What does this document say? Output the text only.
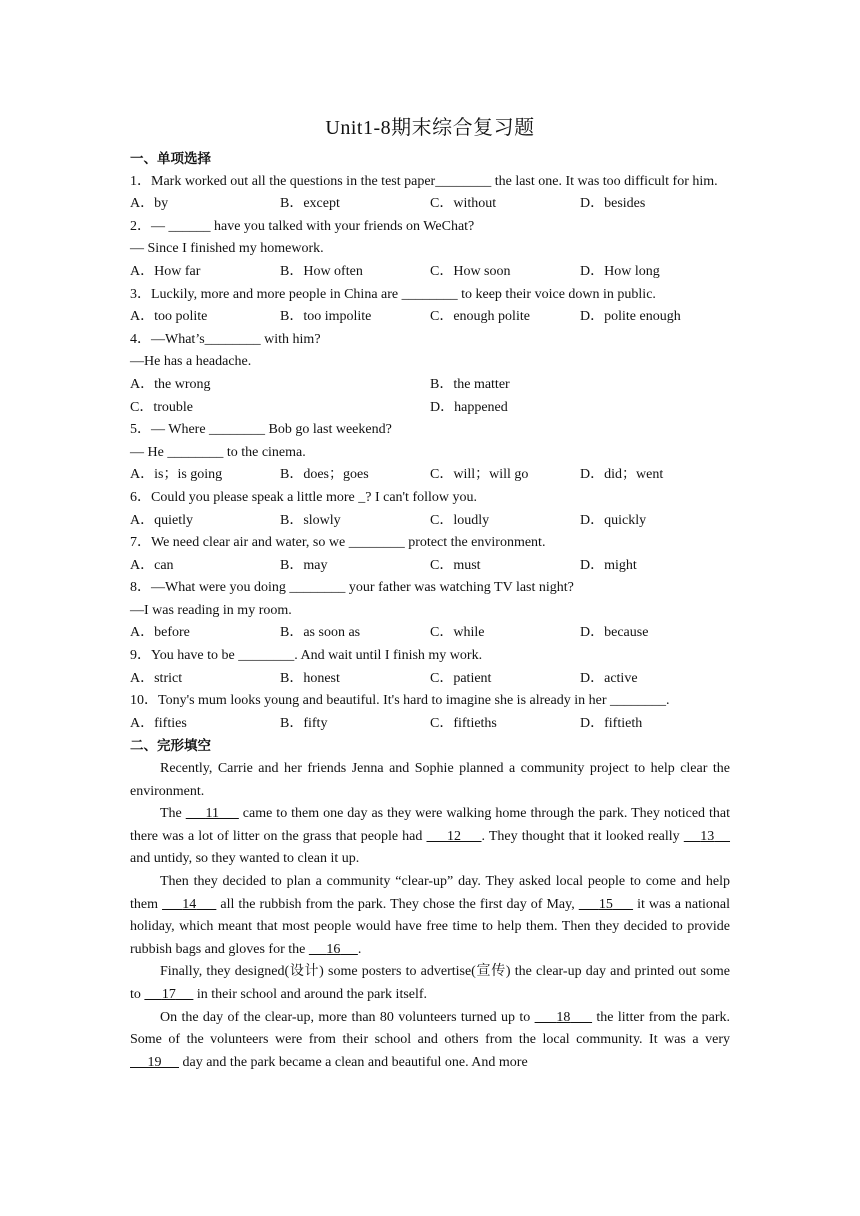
Unit1-8期末综合复习题
一、单项选择
1．Mark worked out all the questions in the test paper________ the last one. It was too difficult for him.
A．by	B．except	C．without	D．besides
2．— ______ have you talked with your friends on WeChat?
— Since I finished my homework.
A．How far	B．How often	C．How soon	D．How long
3．Luckily, more and more people in China are ________ to keep their voice down in public.
A．too polite	B．too impolite	C．enough polite	D．polite enough
4．—What’s________ with him?
—He has a headache.
A．the wrong	B．the matter
C．trouble	D．happened
5．— Where ________ Bob go last weekend?
— He ________ to the cinema.
A．is；is going	B．does；goes	C．will；will go	D．did；went
6．Could you please speak a little more _? I can't follow you.
A．quietly	B．slowly	C．loudly	D．quickly
7．We need clear air and water, so we ________ protect the environment.
A．can	B．may	C．must	D．might
8．—What were you doing ________ your father was watching TV last night?
—I was reading in my room.
A．before	B．as soon as	C．while	D．because
9．You have to be ________. And wait until I finish my work.
A．strict	B．honest	C．patient	D．active
10．Tony's mum looks young and beautiful. It's hard to imagine she is already in her ________.
A．fifties	B．fifty	C．fiftieths	D．fiftieth
二、完形填空
Recently, Carrie and her friends Jenna and Sophie planned a community project to help clear the environment.
The      11      came to them one day as they were walking home through the park. They noticed that there was a lot of litter on the grass that people had      12 . They thought that it looked really     13     and untidy, so they wanted to clean it up.
Then they decided to plan a community “clear-up” day. They asked local people to come and help them      14      all the rubbish from the park. They chose the first day of May,      15      it was a national holiday, which meant that most people would have free time to help them. Then they decided to provide rubbish bags and gloves for the      16 .
Finally, they designed(设计) some posters to advertise(宣传) the clear-up day and printed out some to      17      in their school and around the park itself.
On the day of the clear-up, more than 80 volunteers turned up to      18      the litter from the park. Some of the volunteers were from their school and others from the local community. It was a very      19      day and the park became a clean and beautiful one. And more
